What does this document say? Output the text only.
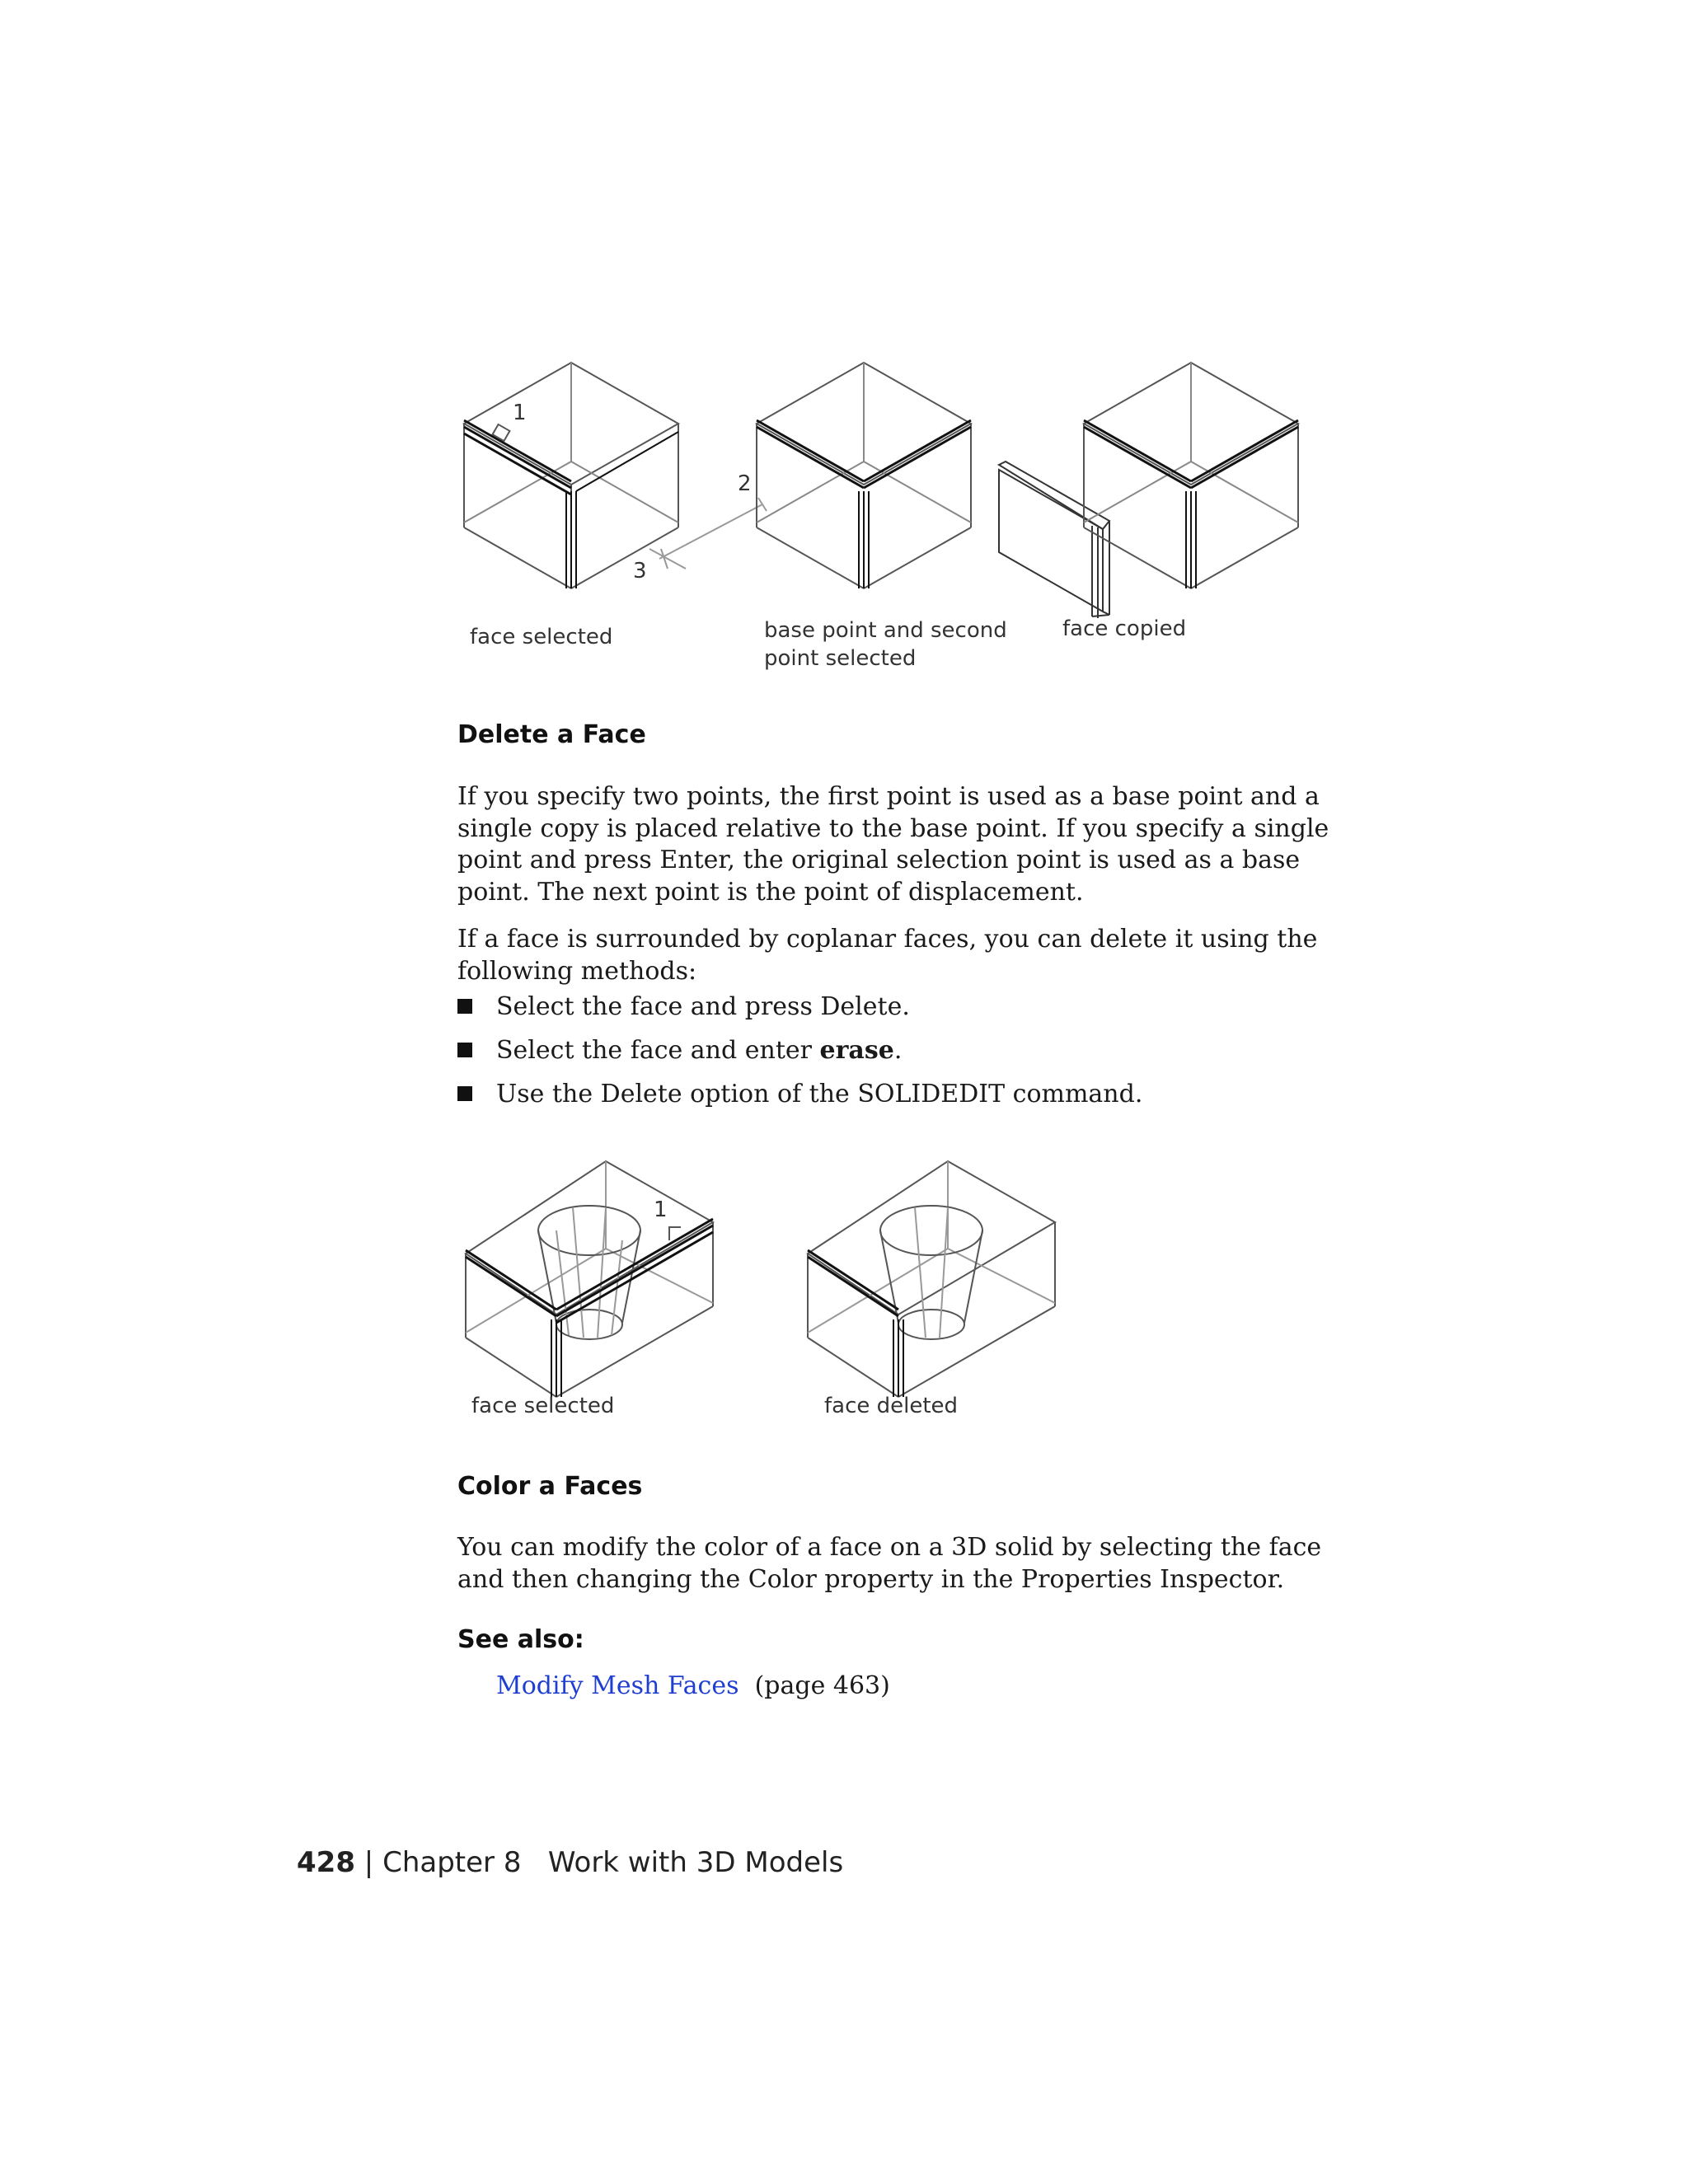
1
2
3
face selected	base point and second
point selected
face copied
Delete a Face

If you specify two points, the first point is used as a base point and a single copy is placed relative to the base point. If you specify a single point and press Enter, the original selection point is used as a base point. The next point is the point of displacement.

If a face is surrounded by coplanar faces, you can delete it using the following methods:

Select the face and press Delete.
Select the face and enter erase.
Use the Delete option of the SOLIDEDIT command.
1
face selected	face deleted
Color a Faces

You can modify the color of a face on a 3D solid by selecting the face and then changing the Color property in the Properties Inspector.

See also:
Modify Mesh Faces (page 463)
428 | Chapter 8 Work with 3D Models
